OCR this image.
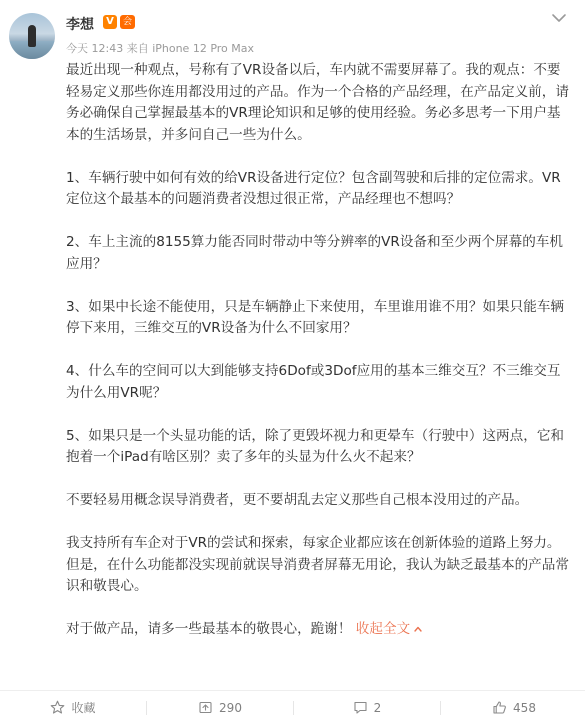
李想	V	会
今天 12:43 来自 iPhone 12 Pro Max

最近出现一种观点，号称有了VR设备以后，车内就不需要屏幕了。我的观点：不要轻易定义那些你连用都没用过的产品。作为一个合格的产品经理，在产品定义前，请务必确保自己掌握最基本的VR理论知识和足够的使用经验。务必多思考一下用户基本的生活场景，并多问自己一些为什么。

1、车辆行驶中如何有效的给VR设备进行定位？包含副驾驶和后排的定位需求。VR定位这个最基本的问题消费者没想过很正常，产品经理也不想吗？

2、车上主流的8155算力能否同时带动中等分辨率的VR设备和至少两个屏幕的车机应用？

3、如果中长途不能使用，只是车辆静止下来使用，车里谁用谁不用？如果只能车辆停下来用，三维交互的VR设备为什么不回家用？

4、什么车的空间可以大到能够支持6Dof或3Dof应用的基本三维交互？不三维交互为什么用VR呢？

5、如果只是一个头显功能的话，除了更毁坏视力和更晕车（行驶中）这两点，它和抱着一个iPad有啥区别？卖了多年的头显为什么火不起来？

不要轻易用概念误导消费者，更不要胡乱去定义那些自己根本没用过的产品。

我支持所有车企对于VR的尝试和探索，每家企业都应该在创新体验的道路上努力。但是，在什么功能都没实现前就误导消费者屏幕无用论，我认为缺乏最基本的产品常识和敬畏心。

对于做产品，请多一些最基本的敬畏心，跪谢！ 收起全文

收藏	290	2	458
